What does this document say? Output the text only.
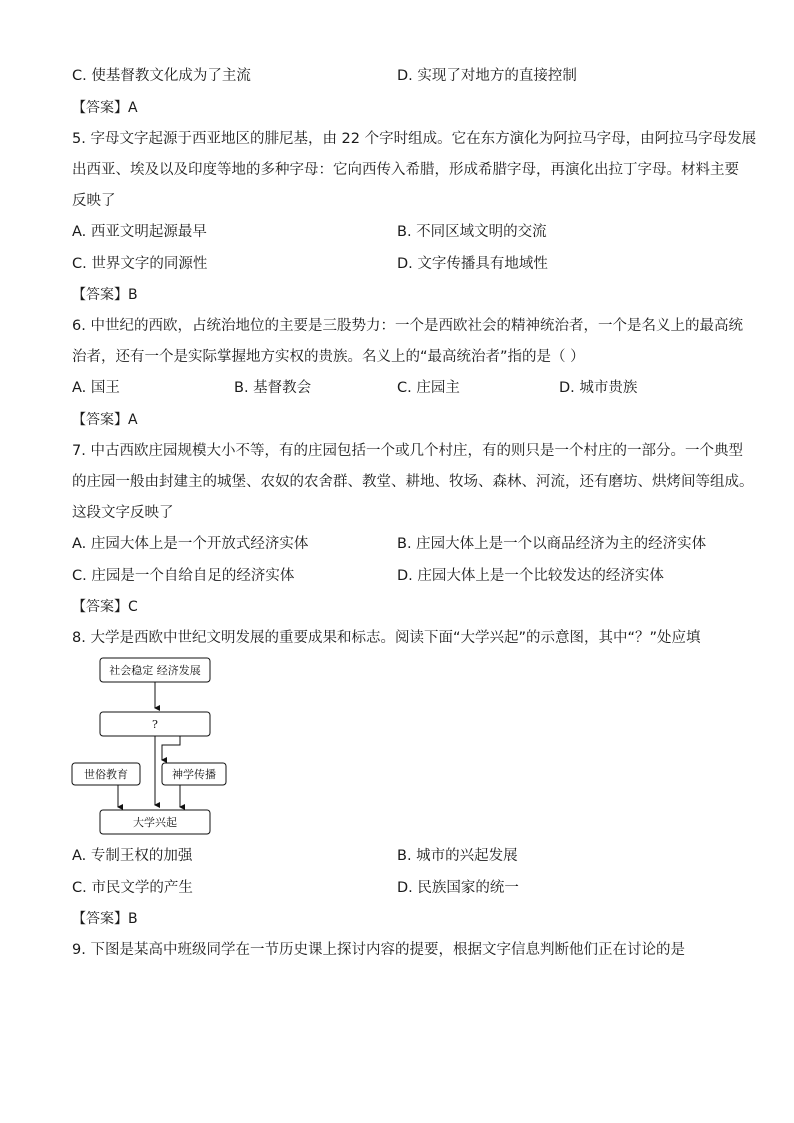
C. 使基督教文化成为了主流	D. 实现了对地方的直接控制
【答案】A
5. 字母文字起源于西亚地区的腓尼基，由 22 个字时组成。它在东方演化为阿拉马字母，由阿拉马字母发展
出西亚、埃及以及印度等地的多种字母：它向西传入希腊，形成希腊字母，再演化出拉丁字母。材料主要
反映了
A. 西亚文明起源最早	B. 不同区域文明的交流
C. 世界文字的同源性	D. 文字传播具有地域性
【答案】B
6. 中世纪的西欧，占统治地位的主要是三股势力：一个是西欧社会的精神统治者，一个是名义上的最高统
治者，还有一个是实际掌握地方实权的贵族。名义上的“最高统治者”指的是（ ）
A. 国王	B. 基督教会	C. 庄园主	D. 城市贵族
【答案】A
7. 中古西欧庄园规模大小不等，有的庄园包括一个或几个村庄，有的则只是一个村庄的一部分。一个典型
的庄园一般由封建主的城堡、农奴的农舍群、教堂、耕地、牧场、森林、河流，还有磨坊、烘烤间等组成。
这段文字反映了
A. 庄园大体上是一个开放式经济实体	B. 庄园大体上是一个以商品经济为主的经济实体
C. 庄园是一个自给自足的经济实体	D. 庄园大体上是一个比较发达的经济实体
【答案】C
8. 大学是西欧中世纪文明发展的重要成果和标志。阅读下面“大学兴起”的示意图，其中“？”处应填
社会稳定 经济发展
?
世俗教育	神学传播
大学兴起
A. 专制王权的加强	B. 城市的兴起发展
C. 市民文学的产生	D. 民族国家的统一
【答案】B
9. 下图是某高中班级同学在一节历史课上探讨内容的提要，根据文字信息判断他们正在讨论的是
